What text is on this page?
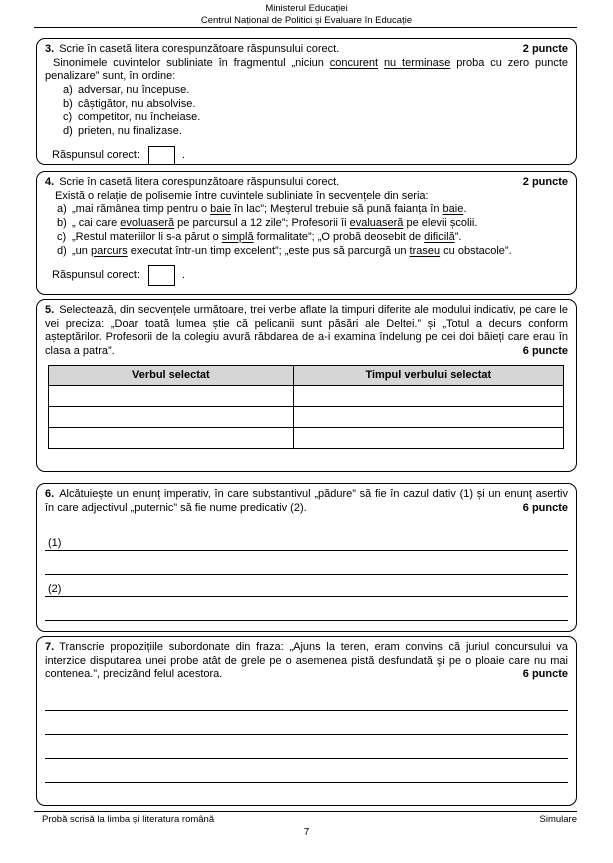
Ministerul Educației
Centrul Național de Politici și Evaluare în Educație
3. Scrie în casetă litera corespunzătoare răspunsului corect.	2 puncte
Sinonimele cuvintelor subliniate în fragmentul „niciun concurent nu terminase proba cu zero puncte penalizare” sunt, în ordine:
a) adversar, nu începuse.
b) câștigător, nu absolvise.
c) competitor, nu încheiase.
d) prieten, nu finalizase.
Răspunsul corect:	.
4. Scrie în casetă litera corespunzătoare răspunsului corect.	2 puncte
Există o relație de polisemie între cuvintele subliniate în secvențele din seria:
a) „mai rămânea timp pentru o baie în lac”; Meșterul trebuie să pună faianța în baie.
b) „ cai care evoluaseră pe parcursul a 12 zile”; Profesorii îi evaluaseră pe elevii școlii.
c) „Restul materiilor li s-a părut o simplă formalitate”; „O probă deosebit de dificilă”.
d) „un parcurs executat într-un timp excelent”; „este pus să parcurgă un traseu cu obstacole”.
Răspunsul corect:	.
5. Selectează, din secvențele următoare, trei verbe aflate la timpuri diferite ale modului indicativ, pe care le vei preciza: „Doar toată lumea știe că pelicanii sunt păsări ale Deltei.” și „Totul a decurs conform așteptărilor. Profesorii de la colegiu avură răbdarea de a-i examina îndelung pe cei doi băieți care erau în clasa a patra”.	6 puncte
Verbul selectat	Timpul verbului selectat

6. Alcătuiește un enunț imperativ, în care substantivul „pădure” să fie în cazul dativ (1) și un enunț asertiv în care adjectivul „puternic” să fie nume predicativ (2).	6 puncte
(1)
(2)
7. Transcrie propozițiile subordonate din fraza: „Ajuns la teren, eram convins că juriul concursului va interzice disputarea unei probe atât de grele pe o asemenea pistă desfundată şi pe o ploaie care nu mai contenea.”, precizând felul acestora.	6 puncte
Probă scrisă la limba și literatura română	Simulare
7
